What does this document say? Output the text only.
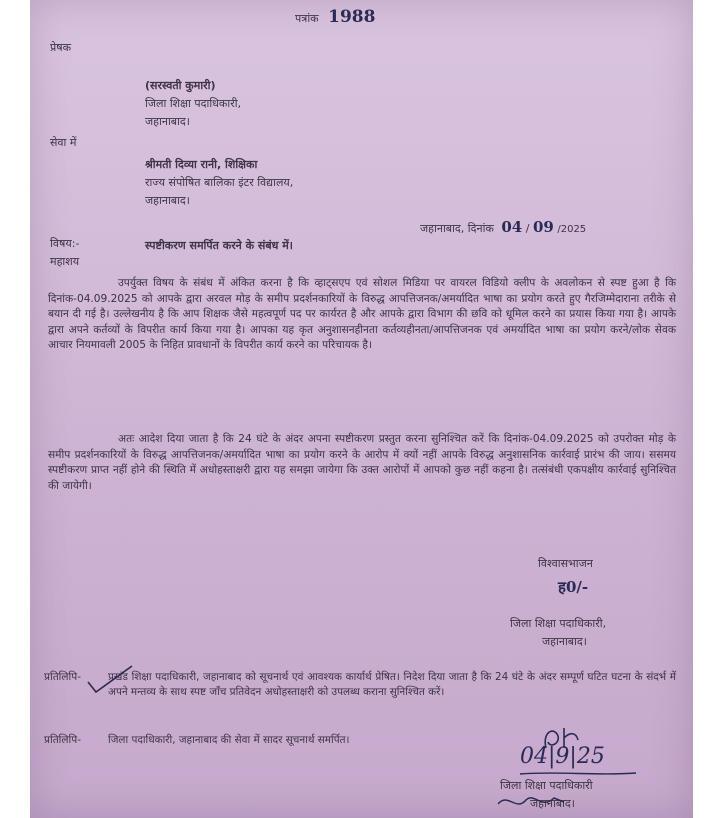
पत्रांक 1988
प्रेषक
(सरस्वती कुमारी)
जिला शिक्षा पदाधिकारी,
जहानाबाद।
सेवा में
श्रीमती दिव्या रानी, शिक्षिका
राज्य संपोषित बालिका इंटर विद्यालय,
जहानाबाद।
जहानाबाद, दिनांक 04 / 09 /2025
विषय:-	स्पष्टीकरण समर्पित करने के संबंध में।
महाशय
उपर्युक्त विषय के संबंध में अंकित करना है कि व्हाट्सएप एवं सोशल मिडिया पर वायरल विडियो क्लीप के अवलोकन से स्पष्ट हुआ है कि दिनांक-04.09.2025 को आपके द्वारा अरवल मोड़ के समीप प्रदर्शनकारियों के विरुद्ध आपत्तिजनक/अमर्यादित भाषा का प्रयोग करते हुए गैरजिम्मेदाराना तरीके से बयान दी गई है। उल्लेखनीय है कि आप शिक्षक जैसे महत्वपूर्ण पद पर कार्यरत है और आपके द्वारा विभाग की छवि को धूमिल करने का प्रयास किया गया है। आपके द्वारा अपने कर्तव्यों के विपरीत कार्य किया गया है। आपका यह कृत अनुशासनहीनता कर्तव्यहीनता/आपत्तिजनक एवं अमर्यादित भाषा का प्रयोग करने/लोक सेवक आचार नियमावली 2005 के निहित प्रावधानों के विपरीत कार्य करने का परिचायक है।
अतः आदेश दिया जाता है कि 24 घंटे के अंदर अपना स्पष्टीकरण प्रस्तुत करना सुनिश्चित करें कि दिनांक-04.09.2025 को उपरोक्त मोड़ के समीप प्रदर्शनकारियों के विरुद्ध आपत्तिजनक/अमर्यादित भाषा का प्रयोग करने के आरोप में क्यों नहीं आपके विरुद्ध अनुशासनिक कार्रवाई प्रारंभ की जाय। ससमय स्पष्टीकरण प्राप्त नहीं होने की स्थिति में अधोहस्ताक्षरी द्वारा यह समझा जायेगा कि उक्त आरोपों में आपको कुछ नहीं कहना है। तत्संबंधी एकपक्षीय कार्रवाई सुनिश्चित की जायेगी।
विश्वासभाजन
ह0/-
जिला शिक्षा पदाधिकारी,
जहानाबाद।
प्रतिलिपि-	प्रखंड शिक्षा पदाधिकारी, जहानाबाद को सूचनार्थ एवं आवश्यक कार्यार्थ प्रेषित। निदेश दिया जाता है कि 24 घंटे के अंदर सम्पूर्ण घटित घटना के संदर्भ में अपने मन्तव्य के साथ स्पष्ट जाँच प्रतिवेदन अधोहस्ताक्षरी को उपलब्ध कराना सुनिश्चित करें।
प्रतिलिपि-	जिला पदाधिकारी, जहानाबाद की सेवा में सादर सूचनार्थ समर्पित।
04|9|25
जिला शिक्षा पदाधिकारी
जहानाबाद।
